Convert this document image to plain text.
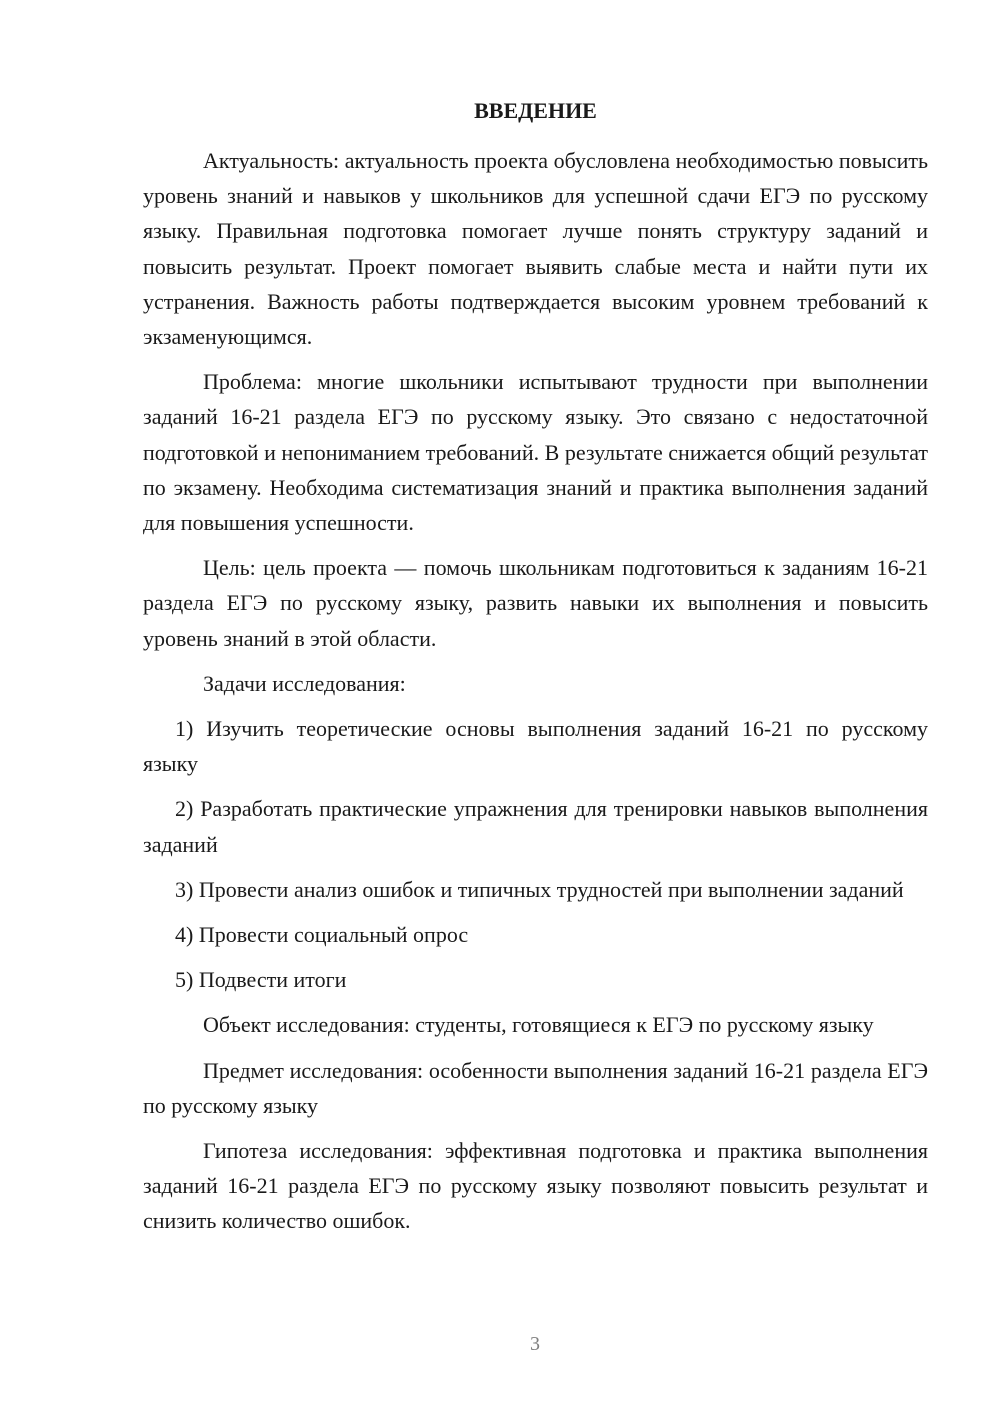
ВВЕДЕНИЕ

Актуальность: актуальность проекта обусловлена необходимостью повысить уровень знаний и навыков у школьников для успешной сдачи ЕГЭ по русскому языку. Правильная подготовка помогает лучше понять структуру заданий и повысить результат. Проект помогает выявить слабые места и найти пути их устранения. Важность работы подтверждается высоким уровнем требований к экзаменующимся.

Проблема: многие школьники испытывают трудности при выполнении заданий 16-21 раздела ЕГЭ по русскому языку. Это связано с недостаточной подготовкой и непониманием требований. В результате снижается общий результат по экзамену. Необходима систематизация знаний и практика выполнения заданий для повышения успешности.

Цель: цель проекта — помочь школьникам подготовиться к заданиям 16-21 раздела ЕГЭ по русскому языку, развить навыки их выполнения и повысить уровень знаний в этой области.

Задачи исследования:

1) Изучить теоретические основы выполнения заданий 16-21 по русскому языку

2) Разработать практические упражнения для тренировки навыков выполнения заданий

3) Провести анализ ошибок и типичных трудностей при выполнении заданий

4) Провести социальный опрос

5) Подвести итоги

Объект исследования: студенты, готовящиеся к ЕГЭ по русскому языку

Предмет исследования: особенности выполнения заданий 16-21 раздела ЕГЭ по русскому языку

Гипотеза исследования: эффективная подготовка и практика выполнения заданий 16-21 раздела ЕГЭ по русскому языку позволяют повысить результат и снизить количество ошибок.

3
